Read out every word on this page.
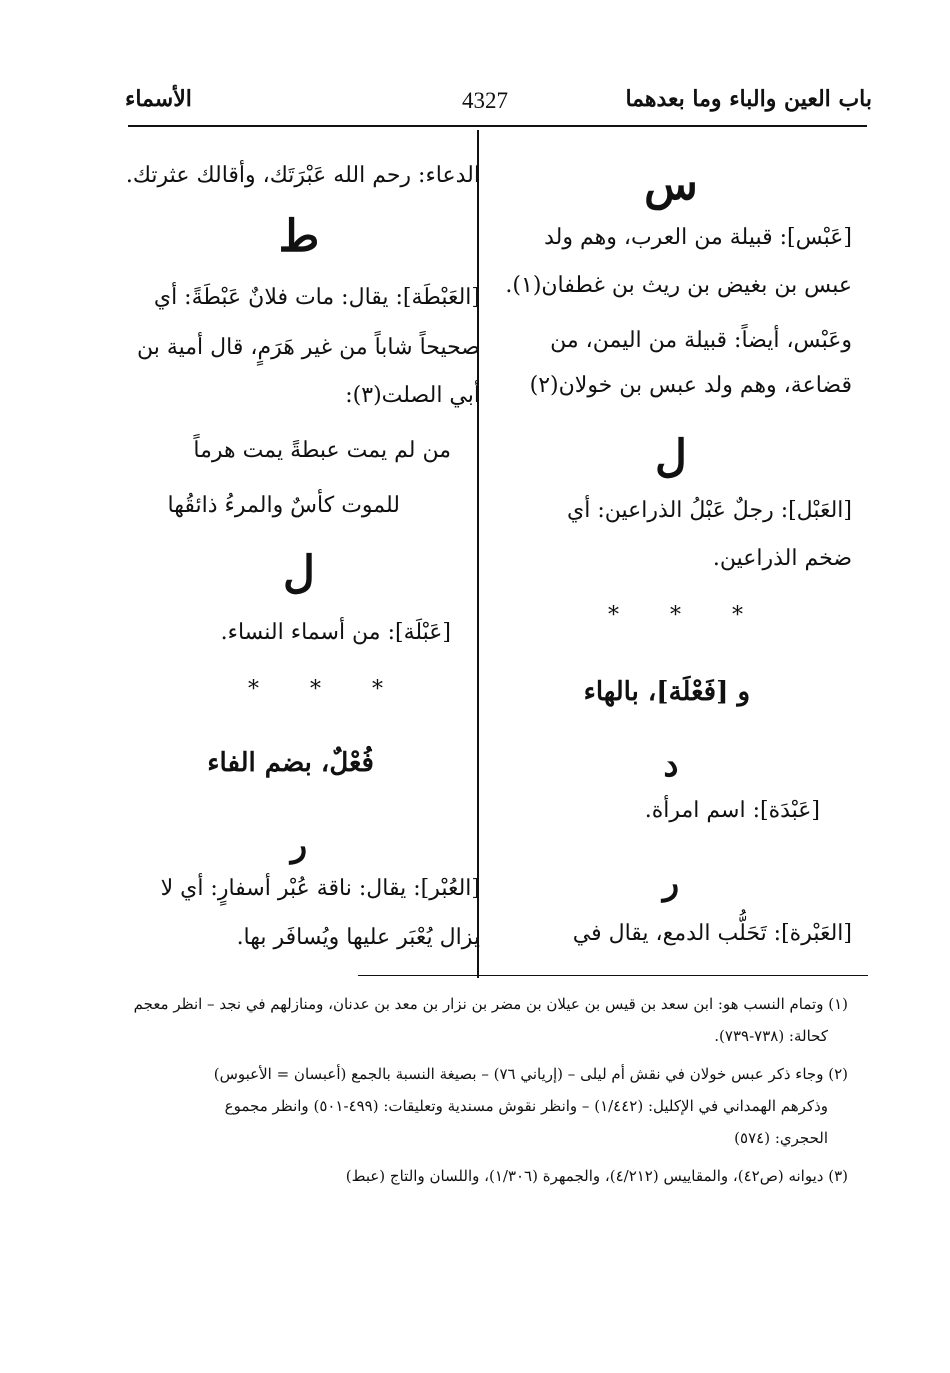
باب العين والباء وما بعدهما
4327
الأسماء
س
[عَبْس]: قبيلة من العرب، وهم ولد
عبس بن بغيض بن ريث بن غطفان(١).
وعَبْس، أيضاً: قبيلة من اليمن، من
قضاعة، وهم ولد عبس بن خولان(٢)
ل
[العَبْل]: رجلٌ عَبْلُ الذراعين: أي
ضخم الذراعين.
* * *
و [فَعْلَة]، بالهاء
د
[عَبْدَة]: اسم امرأة.
ر
[العَبْرة]: تَحَلُّب الدمع، يقال في
الدعاء: رحم الله عَبْرَتَك، وأقالك عثرتك.
ط
[العَبْطَة]: يقال: مات فلانٌ عَبْطَةً: أي
صحيحاً شاباً من غير هَرَمٍ، قال أمية بن
أبي الصلت(٣):
من لم يمت عبطةً يمت هرماً
للموت كأسٌ والمرءُ ذائقُها
ل
[عَبْلَة]: من أسماء النساء.
* * *
فُعْلٌ، بضم الفاء
ر
[العُبْر]: يقال: ناقة عُبْر أسفارٍ: أي لا
يزال يُعْبَر عليها ويُسافَر بها.
(١) وتمام النسب هو: ابن سعد بن قيس بن عيلان بن مضر بن نزار بن معد بن عدنان، ومنازلهم في نجد – انظر معجم
كحالة: (٧٣٨-٧٣٩).
(٢) وجاء ذكر عبس خولان في نقش أم ليلى – (إرياني ٧٦) – بصيغة النسبة بالجمع (أعبسان = الأعبوس)
وذكرهم الهمداني في الإكليل: (١/٤٤٢) – وانظر نقوش مسندية وتعليقات: (٤٩٩-٥٠١) وانظر مجموع
الحجري: (٥٧٤)
(٣) ديوانه (ص٤٢)، والمقاييس (٤/٢١٢)، والجمهرة (١/٣٠٦)، واللسان والتاج (عبط)
